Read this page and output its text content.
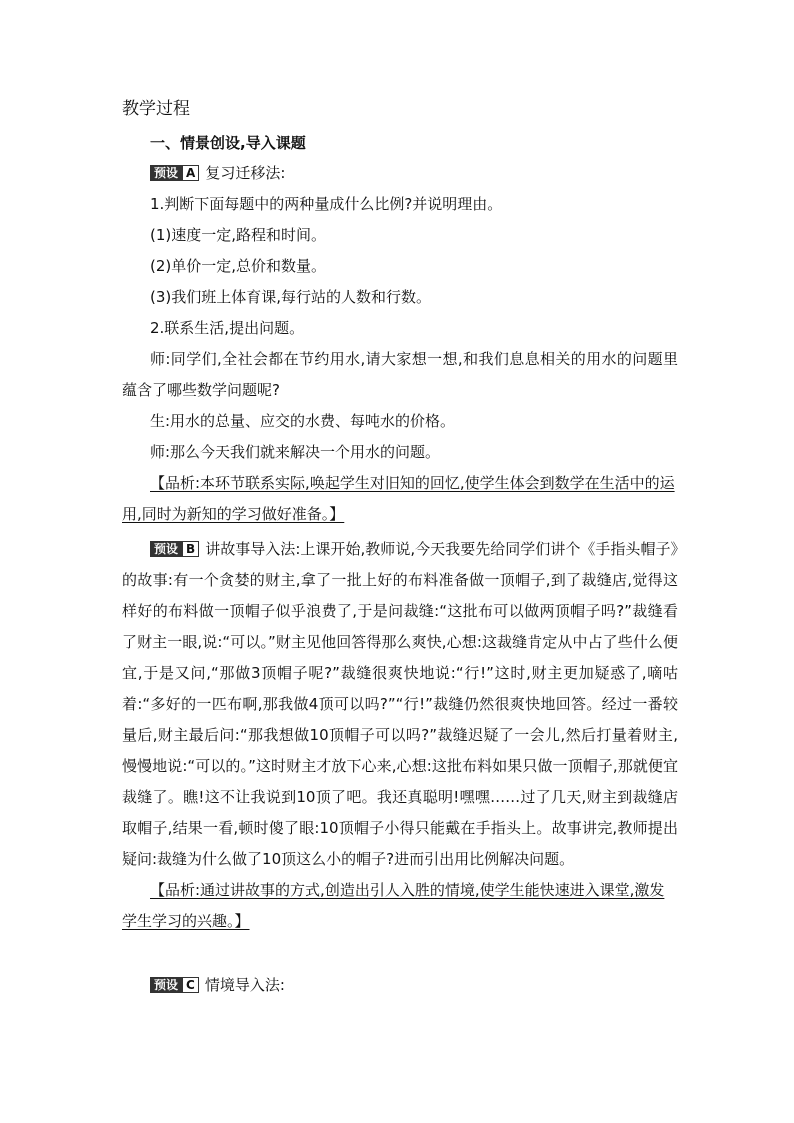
教学过程
一、情景创设,导入课题

预设 A 复习迁移法:

1.判断下面每题中的两种量成什么比例?并说明理由。

(1)速度一定,路程和时间。

(2)单价一定,总价和数量。

(3)我们班上体育课,每行站的人数和行数。

2.联系生活,提出问题。

师:同学们,全社会都在节约用水,请大家想一想,和我们息息相关的用水的问题里蕴含了哪些数学问题呢?

生:用水的总量、应交的水费、每吨水的价格。

师:那么今天我们就来解决一个用水的问题。

【品析:本环节联系实际,唤起学生对旧知的回忆,使学生体会到数学在生活中的运用,同时为新知的学习做好准备。】

预设 B 讲故事导入法:上课开始,教师说,今天我要先给同学们讲个《手指头帽子》的故事:有一个贪婪的财主,拿了一批上好的布料准备做一顶帽子,到了裁缝店,觉得这样好的布料做一顶帽子似乎浪费了,于是问裁缝:“这批布可以做两顶帽子吗?”裁缝看了财主一眼,说:“可以。”财主见他回答得那么爽快,心想:这裁缝肯定从中占了些什么便宜,于是又问,“那做3顶帽子呢?”裁缝很爽快地说:“行!”这时,财主更加疑惑了,嘀咕着:“多好的一匹布啊,那我做4顶可以吗?”“行!”裁缝仍然很爽快地回答。经过一番较量后,财主最后问:“那我想做10顶帽子可以吗?”裁缝迟疑了一会儿,然后打量着财主,慢慢地说:“可以的。”这时财主才放下心来,心想:这批布料如果只做一顶帽子,那就便宜裁缝了。瞧!这不让我说到10顶了吧。我还真聪明!嘿嘿……过了几天,财主到裁缝店取帽子,结果一看,顿时傻了眼:10顶帽子小得只能戴在手指头上。故事讲完,教师提出疑问:裁缝为什么做了10顶这么小的帽子?进而引出用比例解决问题。

【品析:通过讲故事的方式,创造出引人入胜的情境,使学生能快速进入课堂,激发学生学习的兴趣。】

预设 C 情境导入法:
